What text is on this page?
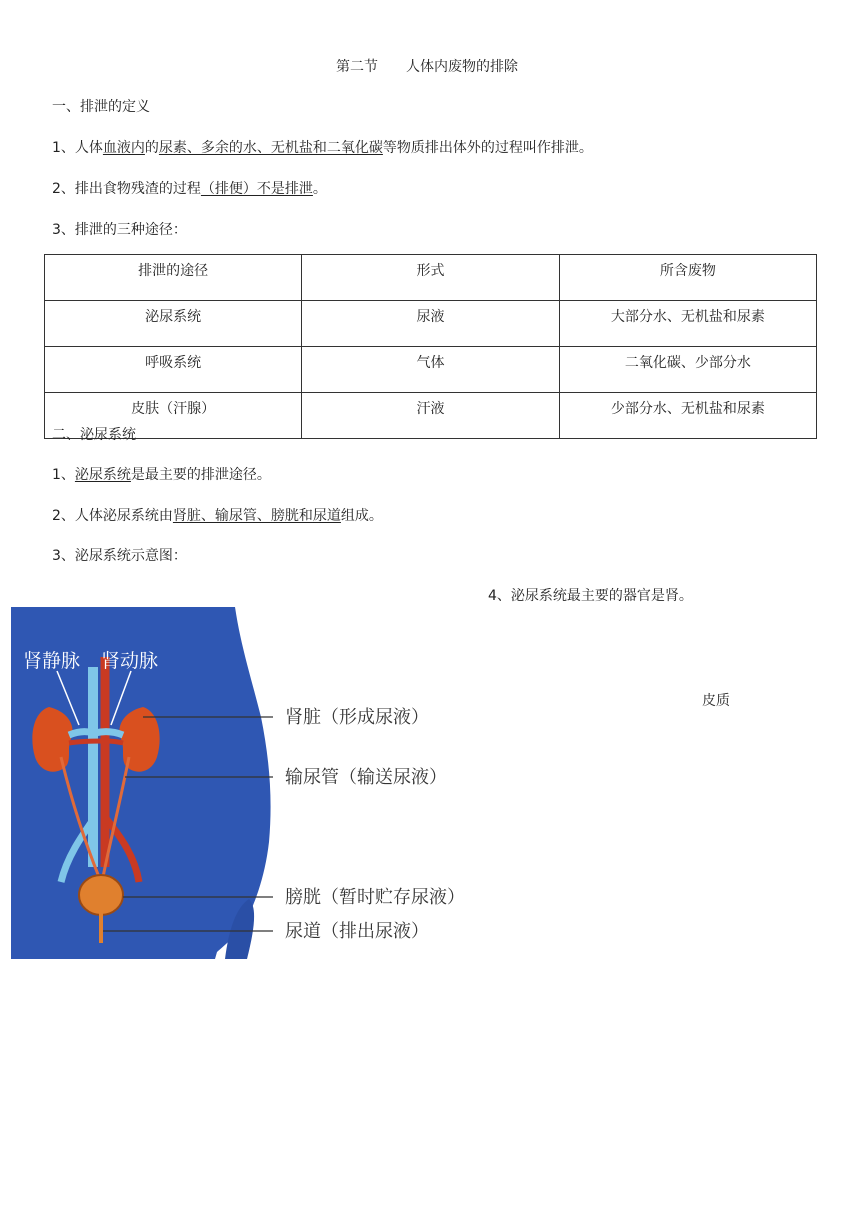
第二节　　人体内废物的排除
一、排泄的定义
1、人体血液内的尿素、多余的水、无机盐和二氧化碳等物质排出体外的过程叫作排泄。
2、排出食物残渣的过程（排便）不是排泄。
3、排泄的三种途径：
排泄的途径	形式	所含废物
泌尿系统	尿液	大部分水、无机盐和尿素
呼吸系统	气体	二氧化碳、少部分水
皮肤（汗腺）	汗液	少部分水、无机盐和尿素
二、泌尿系统
1、泌尿系统是最主要的排泄途径。
2、人体泌尿系统由肾脏、输尿管、膀胱和尿道组成。
3、泌尿系统示意图：
4、泌尿系统最主要的器官是肾。
皮质
肾静脉 肾动脉
肾脏（形成尿液）
输尿管（输送尿液）
膀胱（暂时贮存尿液）
尿道（排出尿液）
